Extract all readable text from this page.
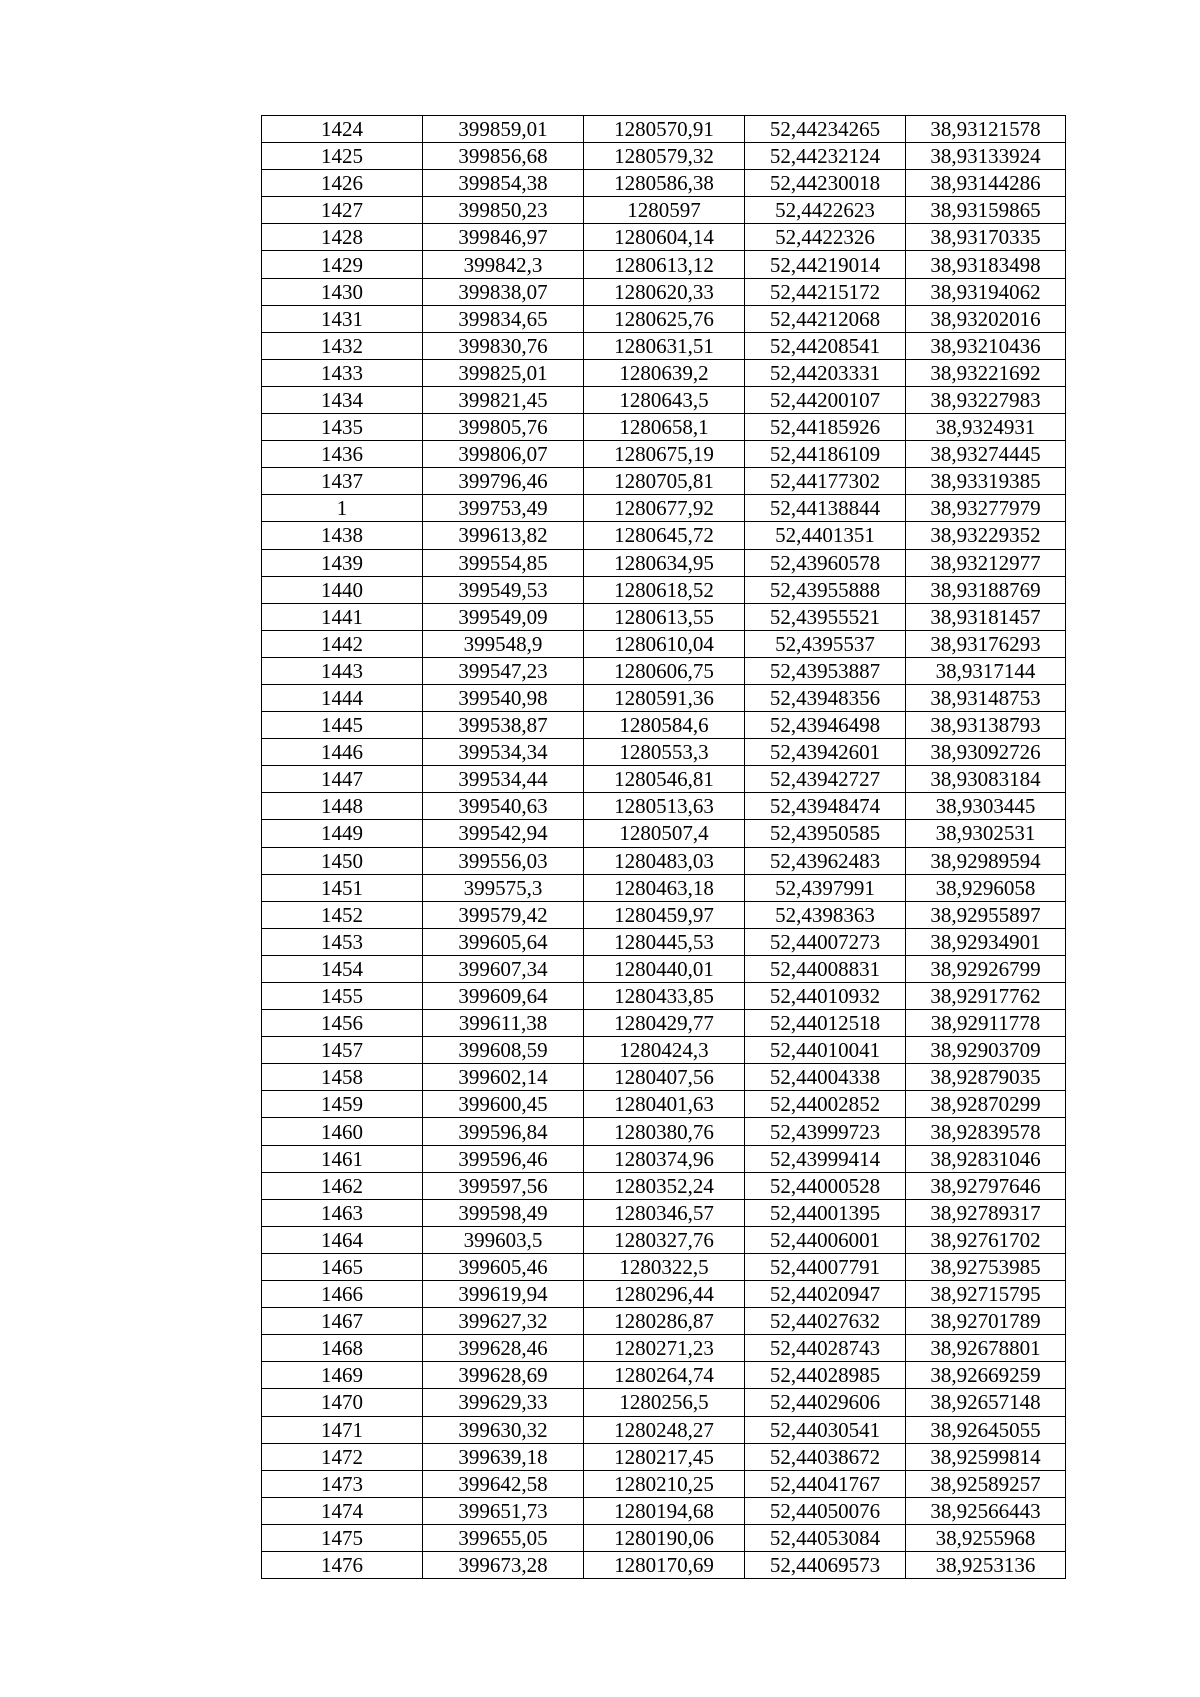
1424	399859,01	1280570,91	52,44234265	38,93121578
1425	399856,68	1280579,32	52,44232124	38,93133924
1426	399854,38	1280586,38	52,44230018	38,93144286
1427	399850,23	1280597	52,4422623	38,93159865
1428	399846,97	1280604,14	52,4422326	38,93170335
1429	399842,3	1280613,12	52,44219014	38,93183498
1430	399838,07	1280620,33	52,44215172	38,93194062
1431	399834,65	1280625,76	52,44212068	38,93202016
1432	399830,76	1280631,51	52,44208541	38,93210436
1433	399825,01	1280639,2	52,44203331	38,93221692
1434	399821,45	1280643,5	52,44200107	38,93227983
1435	399805,76	1280658,1	52,44185926	38,9324931
1436	399806,07	1280675,19	52,44186109	38,93274445
1437	399796,46	1280705,81	52,44177302	38,93319385
1	399753,49	1280677,92	52,44138844	38,93277979
1438	399613,82	1280645,72	52,4401351	38,93229352
1439	399554,85	1280634,95	52,43960578	38,93212977
1440	399549,53	1280618,52	52,43955888	38,93188769
1441	399549,09	1280613,55	52,43955521	38,93181457
1442	399548,9	1280610,04	52,4395537	38,93176293
1443	399547,23	1280606,75	52,43953887	38,9317144
1444	399540,98	1280591,36	52,43948356	38,93148753
1445	399538,87	1280584,6	52,43946498	38,93138793
1446	399534,34	1280553,3	52,43942601	38,93092726
1447	399534,44	1280546,81	52,43942727	38,93083184
1448	399540,63	1280513,63	52,43948474	38,9303445
1449	399542,94	1280507,4	52,43950585	38,9302531
1450	399556,03	1280483,03	52,43962483	38,92989594
1451	399575,3	1280463,18	52,4397991	38,9296058
1452	399579,42	1280459,97	52,4398363	38,92955897
1453	399605,64	1280445,53	52,44007273	38,92934901
1454	399607,34	1280440,01	52,44008831	38,92926799
1455	399609,64	1280433,85	52,44010932	38,92917762
1456	399611,38	1280429,77	52,44012518	38,92911778
1457	399608,59	1280424,3	52,44010041	38,92903709
1458	399602,14	1280407,56	52,44004338	38,92879035
1459	399600,45	1280401,63	52,44002852	38,92870299
1460	399596,84	1280380,76	52,43999723	38,92839578
1461	399596,46	1280374,96	52,43999414	38,92831046
1462	399597,56	1280352,24	52,44000528	38,92797646
1463	399598,49	1280346,57	52,44001395	38,92789317
1464	399603,5	1280327,76	52,44006001	38,92761702
1465	399605,46	1280322,5	52,44007791	38,92753985
1466	399619,94	1280296,44	52,44020947	38,92715795
1467	399627,32	1280286,87	52,44027632	38,92701789
1468	399628,46	1280271,23	52,44028743	38,92678801
1469	399628,69	1280264,74	52,44028985	38,92669259
1470	399629,33	1280256,5	52,44029606	38,92657148
1471	399630,32	1280248,27	52,44030541	38,92645055
1472	399639,18	1280217,45	52,44038672	38,92599814
1473	399642,58	1280210,25	52,44041767	38,92589257
1474	399651,73	1280194,68	52,44050076	38,92566443
1475	399655,05	1280190,06	52,44053084	38,9255968
1476	399673,28	1280170,69	52,44069573	38,9253136
